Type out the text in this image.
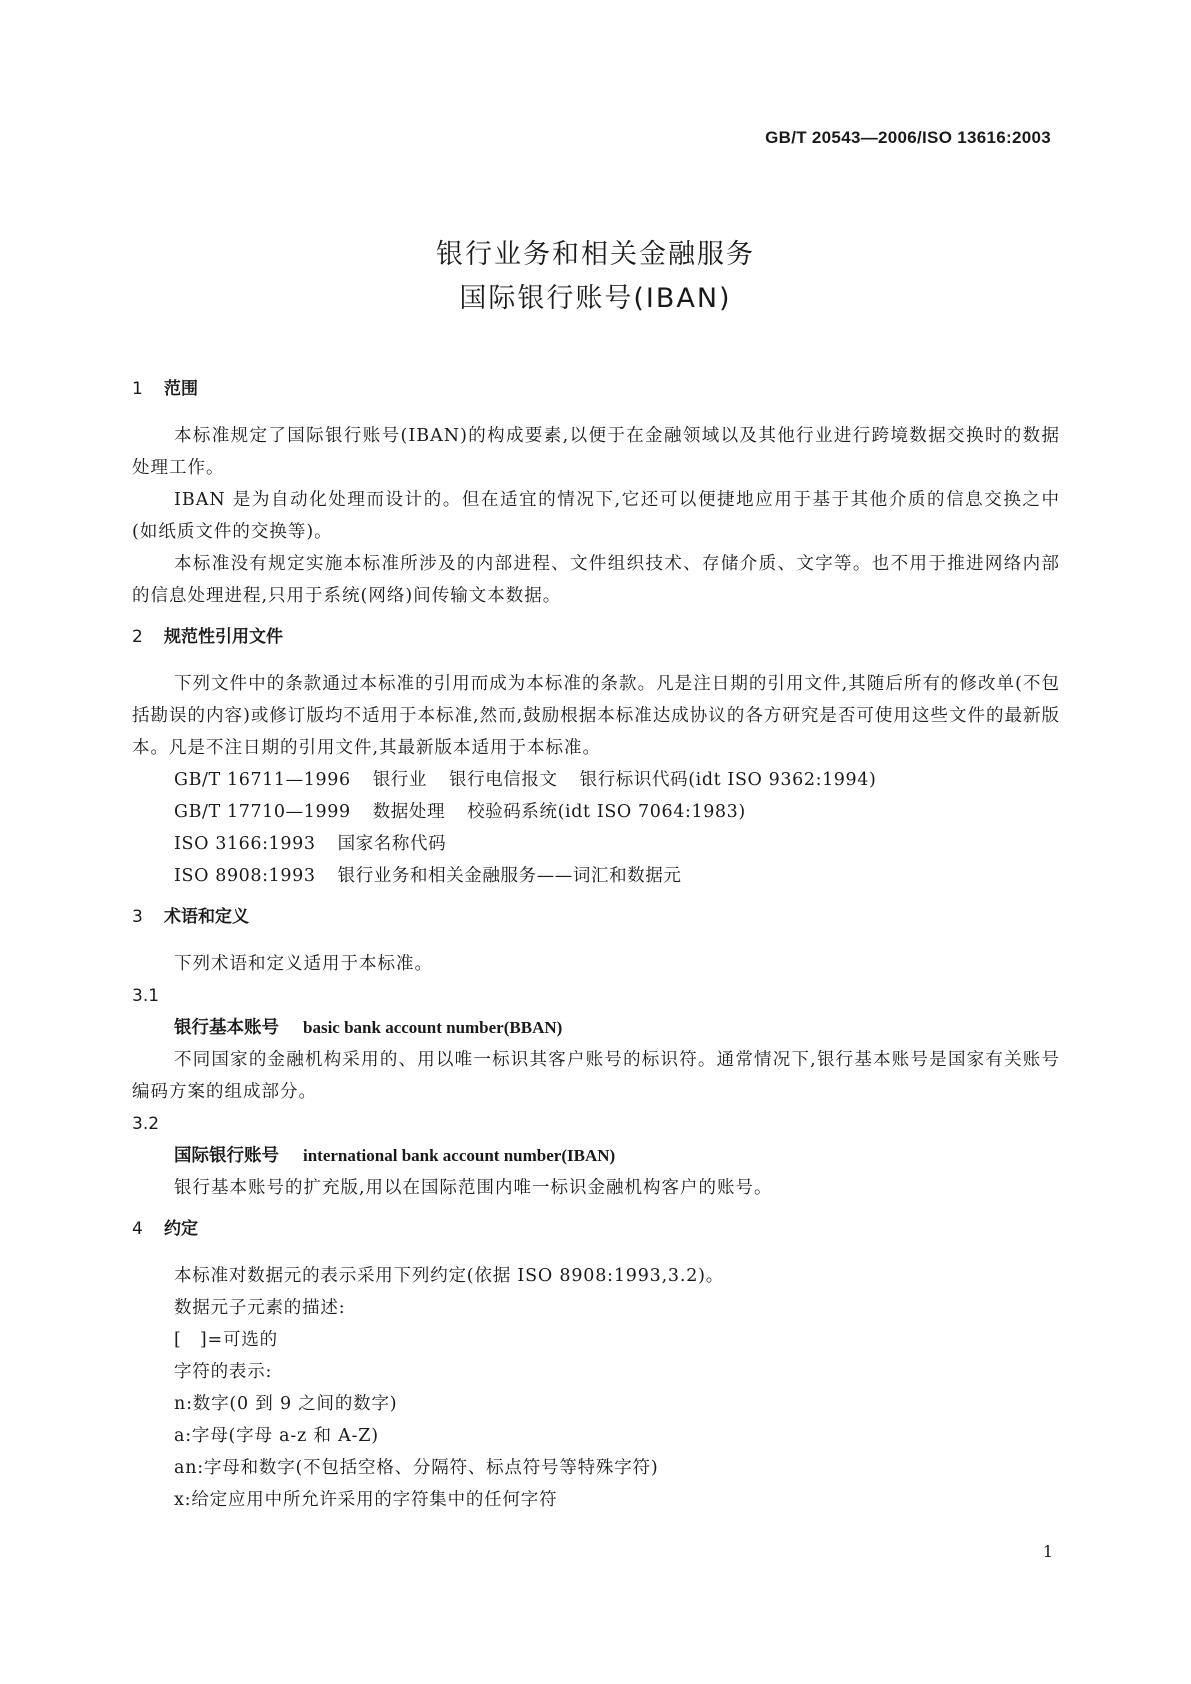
GB/T 20543—2006/ISO 13616:2003
银行业务和相关金融服务
国际银行账号(IBAN)
1 范围
本标准规定了国际银行账号(IBAN)的构成要素,以便于在金融领域以及其他行业进行跨境数据交换时的数据处理工作。
IBAN 是为自动化处理而设计的。但在适宜的情况下,它还可以便捷地应用于基于其他介质的信息交换之中(如纸质文件的交换等)。
本标准没有规定实施本标准所涉及的内部进程、文件组织技术、存储介质、文字等。也不用于推进网络内部的信息处理进程,只用于系统(网络)间传输文本数据。
2 规范性引用文件
下列文件中的条款通过本标准的引用而成为本标准的条款。凡是注日期的引用文件,其随后所有的修改单(不包括勘误的内容)或修订版均不适用于本标准,然而,鼓励根据本标准达成协议的各方研究是否可使用这些文件的最新版本。凡是不注日期的引用文件,其最新版本适用于本标准。
GB/T 16711—1996 银行业 银行电信报文 银行标识代码(idt ISO 9362:1994)
GB/T 17710—1999 数据处理 校验码系统(idt ISO 7064:1983)
ISO 3166:1993 国家名称代码
ISO 8908:1993 银行业务和相关金融服务——词汇和数据元
3 术语和定义
下列术语和定义适用于本标准。
3.1
银行基本账号 basic bank account number(BBAN)
不同国家的金融机构采用的、用以唯一标识其客户账号的标识符。通常情况下,银行基本账号是国家有关账号编码方案的组成部分。
3.2
国际银行账号 international bank account number(IBAN)
银行基本账号的扩充版,用以在国际范围内唯一标识金融机构客户的账号。
4 约定
本标准对数据元的表示采用下列约定(依据 ISO 8908:1993,3.2)。
数据元子元素的描述:
[　]=可选的
字符的表示:
n:数字(0 到 9 之间的数字)
a:字母(字母 a-z 和 A-Z)
an:字母和数字(不包括空格、分隔符、标点符号等特殊字符)
x:给定应用中所允许采用的字符集中的任何字符
1
